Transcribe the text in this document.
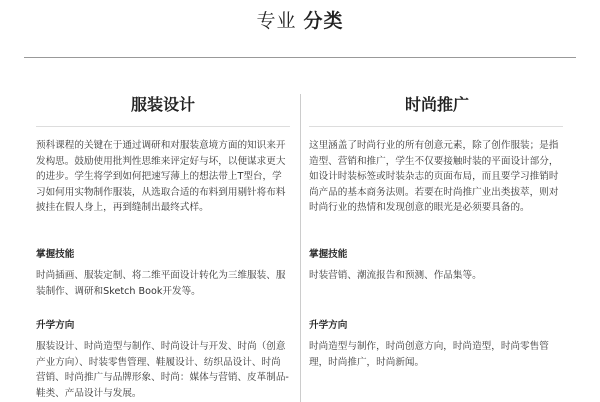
专业 分类
服装设计
预科课程的关键在于通过调研和对服装意境方面的知识来开发构思。鼓励使用批判性思维来评定好与坏，以便谋求更大的进步。学生将学到如何把速写薄上的想法带上T型台，学习如何用实物制作服装，从选取合适的布料到用剔针将布料披挂在假人身上，再到缝制出最终式样。
掌握技能
时尚插画、服装定制、将二维平面设计转化为三维服装、服装制作、调研和Sketch Book开发等。
升学方向
服装设计、时尚造型与制作、时尚设计与开发、时尚（创意产业方向）、时装零售管理、鞋履设计、纺织品设计、时尚营销、时尚推广与品牌形象、时尚：媒体与营销、皮革制品-鞋类、产品设计与发展。
时尚推广
这里涵盖了时尚行业的所有创意元素，除了创作服装；是指造型、营销和推广，学生不仅要接触时装的平面设计部分，如设计时装标签或时装杂志的页面布局，而且要学习推销时尚产品的基本商务法则。若要在时尚推广业出类拔萃，则对时尚行业的热情和发现创意的眼光是必须要具备的。
掌握技能
时装营销、潮流报告和预测、作品集等。
升学方向
时尚造型与制作，时尚创意方向，时尚造型，时尚零售管理，时尚推广，时尚新闻。
